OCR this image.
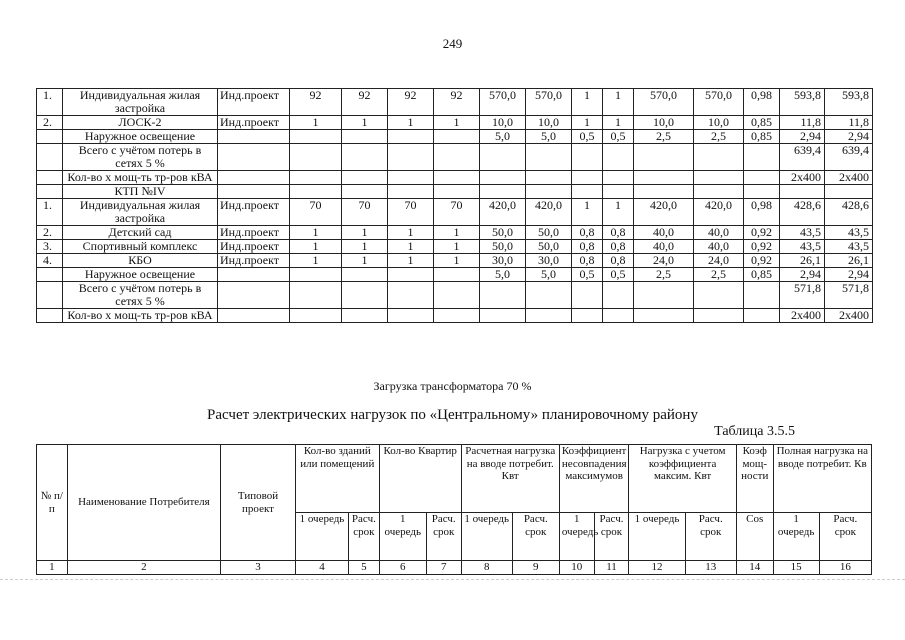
249
1.	Индивидуальная жилая застройка	Инд.проект	92	92	92	92	570,0	570,0	1	1	570,0	570,0	0,98	593,8	593,8
2.	ЛОСК-2	Инд.проект	1	1	1	1	10,0	10,0	1	1	10,0	10,0	0,85	11,8	11,8
	Наружное освещение						5,0	5,0	0,5	0,5	2,5	2,5	0,85	2,94	2,94
	Всего с учётом потерь в сетях 5 %													639,4	639,4
	Кол-во х мощ-ть тр-ров кВА													2х400	2х400
	КТП №IV														
1.	Индивидуальная жилая застройка	Инд.проект	70	70	70	70	420,0	420,0	1	1	420,0	420,0	0,98	428,6	428,6
2.	Детский сад	Инд.проект	1	1	1	1	50,0	50,0	0,8	0,8	40,0	40,0	0,92	43,5	43,5
3.	Спортивный комплекс	Инд.проект	1	1	1	1	50,0	50,0	0,8	0,8	40,0	40,0	0,92	43,5	43,5
4.	КБО	Инд.проект	1	1	1	1	30,0	30,0	0,8	0,8	24,0	24,0	0,92	26,1	26,1
	Наружное освещение						5,0	5,0	0,5	0,5	2,5	2,5	0,85	2,94	2,94
	Всего с учётом потерь в сетях 5 %													571,8	571,8
	Кол-во х мощ-ть тр-ров кВА													2х400	2х400
Загрузка трансформатора 70 %
Расчет электрических нагрузок по «Центральному» планировочному району
Таблица 3.5.5
№ п/п	Наименование Потребителя	Типовой проект	Кол-во зданий или помещений		Кол-во Квартир		Расчетная нагрузка на вводе потребит. Квт		Коэффициент несовпадения максимумов		Нагрузка с учетом коэффициента максим. Квт		Коэф мощ-ности	Полная нагрузка на вводе потребит. Кв	
			1 очередь	Расч. срок	1 очередь	Расч. срок	1 очередь	Расч. срок	1 очередь	Расч. срок	1 очередь	Расч. срок	Cos	1 очередь	Расч. срок
1	2	3	4	5	6	7	8	9	10	11	12	13	14	15	16
